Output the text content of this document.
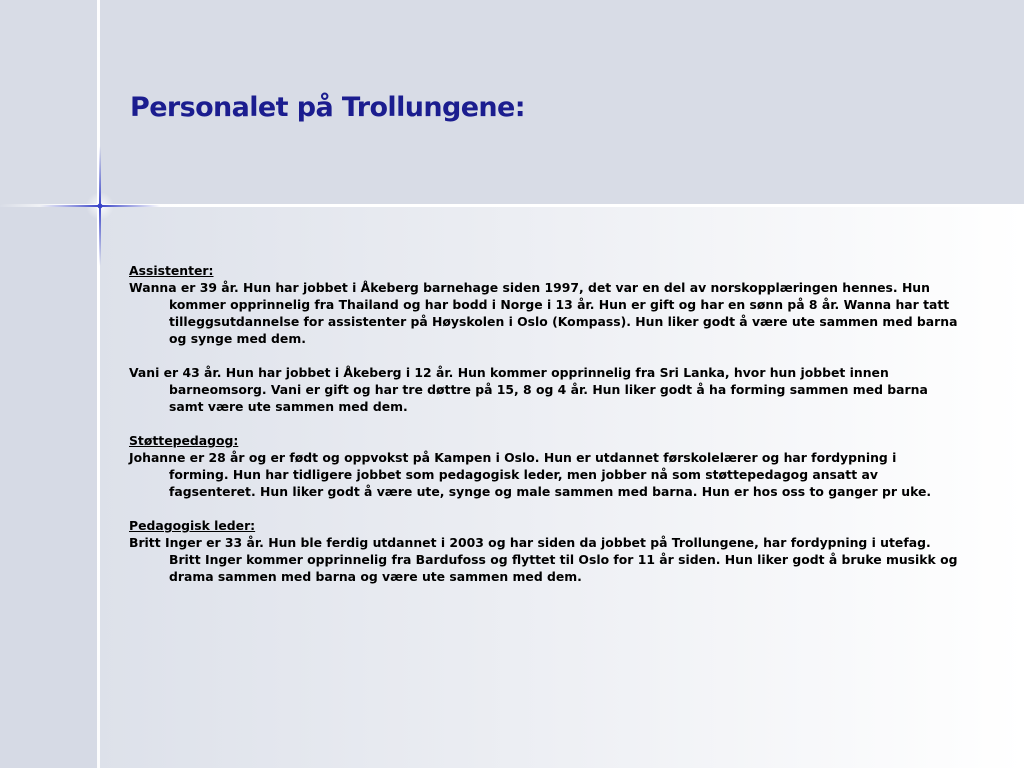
Personalet på Trollungene:

Assistenter:

Wanna er 39 år. Hun har jobbet i Åkeberg barnehage siden 1997, det var en del av norskopplæringen hennes. Hun kommer opprinnelig fra Thailand og har bodd i Norge i 13 år. Hun er gift og har en sønn på 8 år. Wanna har tatt tilleggsutdannelse for assistenter på Høyskolen i Oslo (Kompass). Hun liker godt å være ute sammen med barna og synge med dem.

Vani er 43 år. Hun har jobbet i Åkeberg i 12 år. Hun kommer opprinnelig fra Sri Lanka, hvor hun jobbet innen barneomsorg. Vani er gift og har tre døttre på 15, 8 og 4 år. Hun liker godt å ha forming sammen med barna samt være ute sammen med dem.

Støttepedagog:

Johanne er 28 år og er født og oppvokst på Kampen i Oslo. Hun er utdannet førskolelærer og har fordypning i forming. Hun har tidligere jobbet som pedagogisk leder, men jobber nå som støttepedagog ansatt av fagsenteret. Hun liker godt å være ute, synge og male sammen med barna. Hun er hos oss to ganger pr uke.

Pedagogisk leder:

Britt Inger er 33 år. Hun ble ferdig utdannet i 2003 og har siden da jobbet på Trollungene, har fordypning i utefag. Britt Inger kommer opprinnelig fra Bardufoss og flyttet til Oslo for 11 år siden. Hun liker godt å bruke musikk og drama sammen med barna og være ute sammen med dem.
